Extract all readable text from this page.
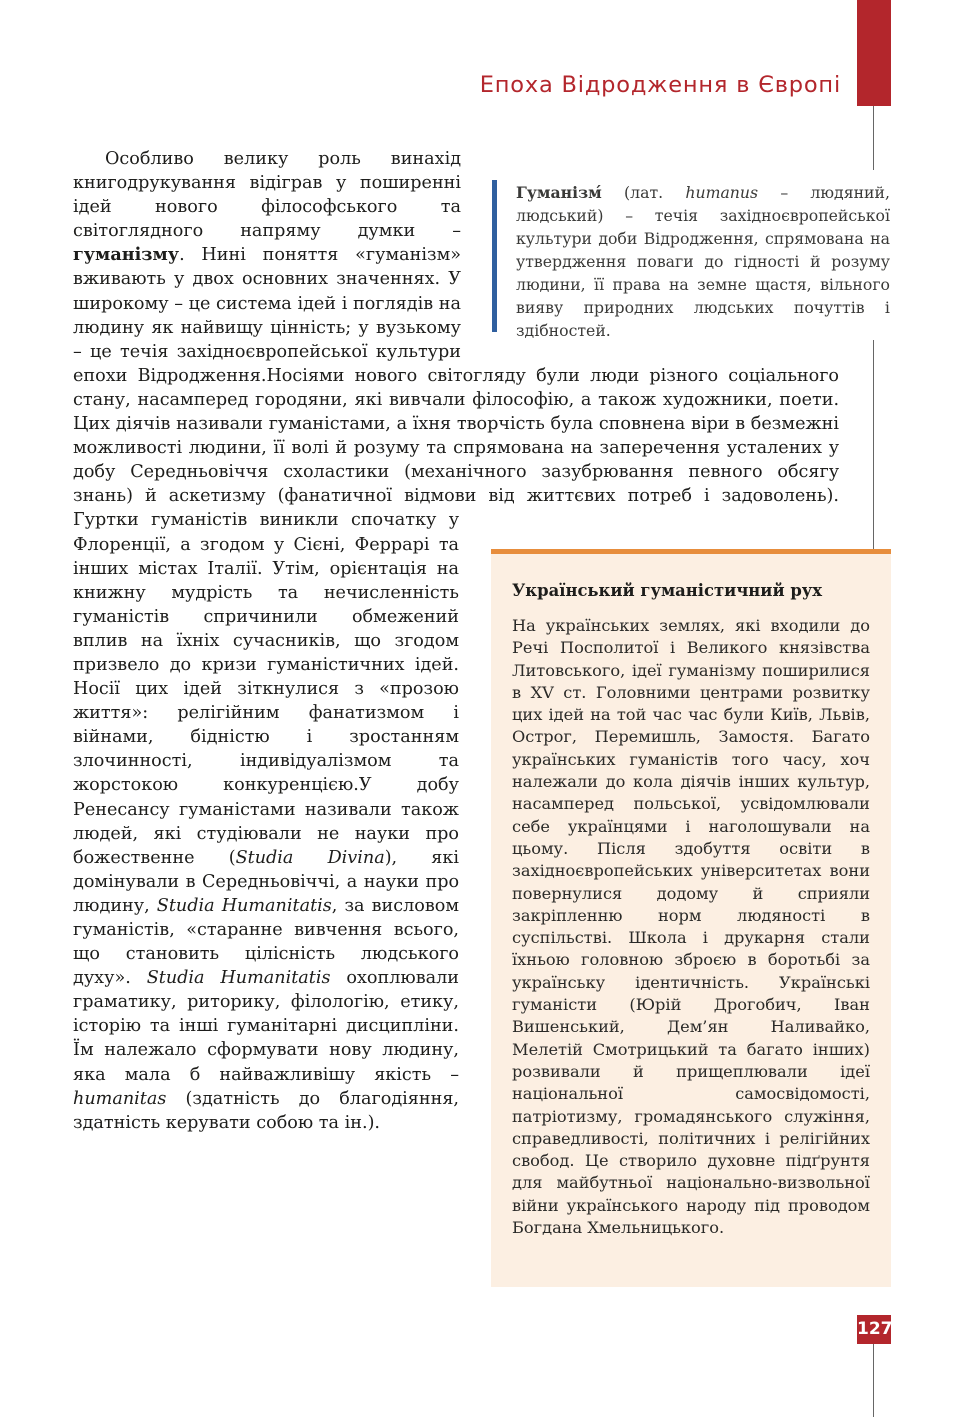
Епоха Відродження в Європі
Гуманізм́ (лат. humanus – людяний,
людський) – течія західноєвропейської
культури доби Відродження, спрямована на
утвердження поваги до гідності й розуму
людини, її права на земне щастя, вільного
вияву природних людських почуттів і
здібностей.
Особливо велику роль винахід
книгодрукування відіграв у поширенні
ідей нового філософського та
світоглядного напряму думки –
гуманізму. Нині поняття «гуманізм»
вживають у двох основних значеннях. У
широкому – це система ідей і поглядів на
людину як найвищу цінність; у вузькому
– це течія західноєвропейської культури
епохи Відродження.Носіями нового світогляду були люди різного соціального
стану, насамперед городяни, які вивчали філософію, а також художники, поети.
Цих діячів називали гуманістами, а їхня творчість була сповнена віри в безмежні
можливості людини, її волі й розуму та спрямована на заперечення усталених у
добу Середньовіччя схоластики (механічного зазубрювання певного обсягу
знань) й аскетизму (фанатичної відмови від життєвих потреб і задоволень).
Гуртки гуманістів виникли спочатку у
Флоренції, а згодом у Сієні, Феррарі та
інших містах Італії. Утім, орієнтація на
книжну мудрість та нечисленність
гуманістів спричинили обмежений
вплив на їхніх сучасників, що згодом
призвело до кризи гуманістичних ідей.
Носії цих ідей зіткнулися з «прозою
життя»: релігійним фанатизмом і
війнами, бідністю і зростанням
злочинності,	індивідуалізмом	та
жорстокою	конкуренцією.У	добу
Ренесансу гуманістами називали також
людей, які студіювали не науки про
божественне (Studia Divina), які
домінували в Середньовіччі, а науки про
людину, Studia Humanitatis, за висловом
гуманістів, «старанне вивчення всього,
що становить цілісність людського
духу». Studia Humanitatis охоплювали
граматику, риторику, філологію, етику,
історію та інші гуманітарні дисципліни.
Їм належало сформувати нову людину,
яка мала б найважливішу якість –
humanitas (здатність до благодіяння,
здатність керувати собою та ін.).
Український гуманістичний рух
На українських землях, які входили до
Речі Посполитої і Великого князівства
Литовського, ідеї гуманізму поширилися
в XV ст. Головними центрами розвитку
цих ідей на той час час були Київ, Львів,
Острог, Перемишль, Замостя. Багато
українських гуманістів того часу, хоч
належали до кола діячів інших культур,
насамперед польської, усвідомлювали
себе українцями і наголошували на
цьому. Після здобуття освіти в
західноєвропейських університетах вони
повернулися додому й сприяли
закріпленню норм людяності в
суспільстві. Школа і друкарня стали
їхньою головною зброєю в боротьбі за
українську ідентичність. Українські
гуманісти (Юрій Дрогобич, Іван
Вишенський,	Дем’ян	Наливайко,
Мелетій Смотрицький та багато інших)
розвивали й прищеплювали ідеї
національної	самосвідомості,
патріотизму, громадянського служіння,
справедливості, політичних і релігійних
свобод. Це створило духовне підґрунтя
для майбутньої національно-визвольної
війни українського народу під проводом
Богдана Хмельницького.
127
